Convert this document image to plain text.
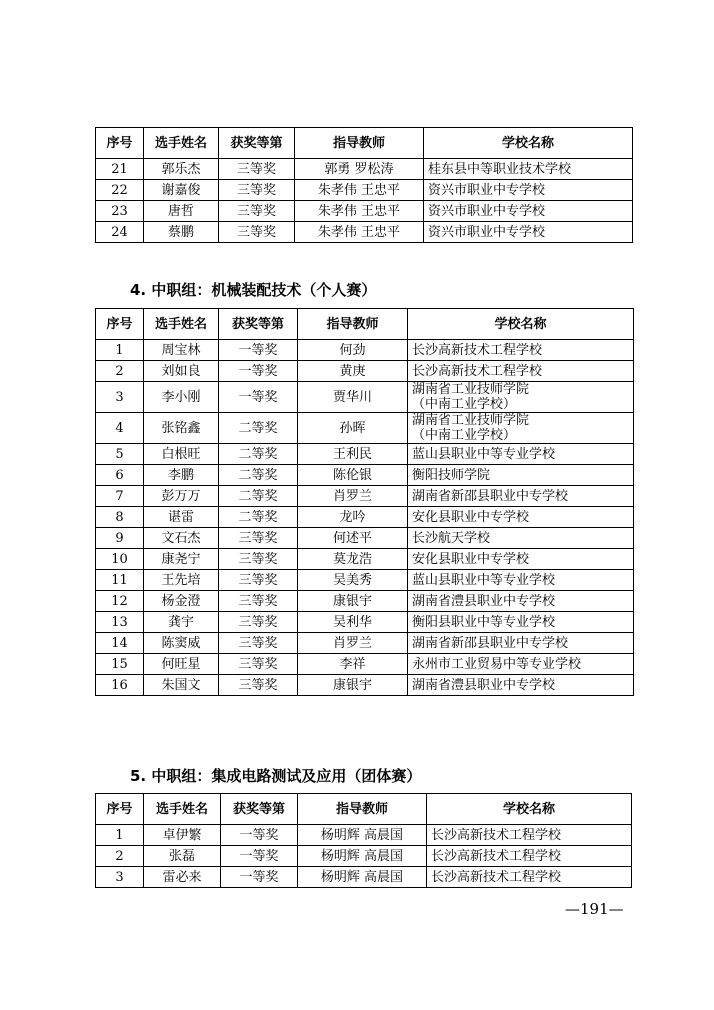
序号	选手姓名	获奖等第	指导教师	学校名称
21	郭乐杰	三等奖	郭勇 罗松涛	桂东县中等职业技术学校
22	谢嘉俊	三等奖	朱孝伟 王忠平	资兴市职业中专学校
23	唐哲	三等奖	朱孝伟 王忠平	资兴市职业中专学校
24	蔡鹏	三等奖	朱孝伟 王忠平	资兴市职业中专学校
4. 中职组：机械装配技术（个人赛）
序号	选手姓名	获奖等第	指导教师	学校名称
1	周宝林	一等奖	何劲	长沙高新技术工程学校
2	刘如良	一等奖	黄庚	长沙高新技术工程学校
3	李小刚	一等奖	贾华川	湖南省工业技师学院
（中南工业学校）

4	张铭鑫	二等奖	孙晖	湖南省工业技师学院
（中南工业学校）

5	白根旺	二等奖	王利民	蓝山县职业中等专业学校
6	李鹏	二等奖	陈伦银	衡阳技师学院
7	彭万万	二等奖	肖罗兰	湖南省新邵县职业中专学校
8	谌雷	二等奖	龙吟	安化县职业中专学校
9	文石杰	三等奖	何述平	长沙航天学校
10	康尧宁	三等奖	莫龙浩	安化县职业中专学校
11	王先培	三等奖	吴美秀	蓝山县职业中等专业学校
12	杨金澄	三等奖	康银宇	湖南省澧县职业中专学校
13	龚宇	三等奖	吴利华	衡阳县职业中等专业学校
14	陈窦威	三等奖	肖罗兰	湖南省新邵县职业中专学校
15	何旺星	三等奖	李祥	永州市工业贸易中等专业学校
16	朱国文	三等奖	康银宇	湖南省澧县职业中专学校
5. 中职组：集成电路测试及应用（团体赛）
序号	选手姓名	获奖等第	指导教师	学校名称
1	卓伊繁	一等奖	杨明辉 高晨国	长沙高新技术工程学校
2	张磊	一等奖	杨明辉 高晨国	长沙高新技术工程学校
3	雷必来	一等奖	杨明辉 高晨国	长沙高新技术工程学校
—191—
